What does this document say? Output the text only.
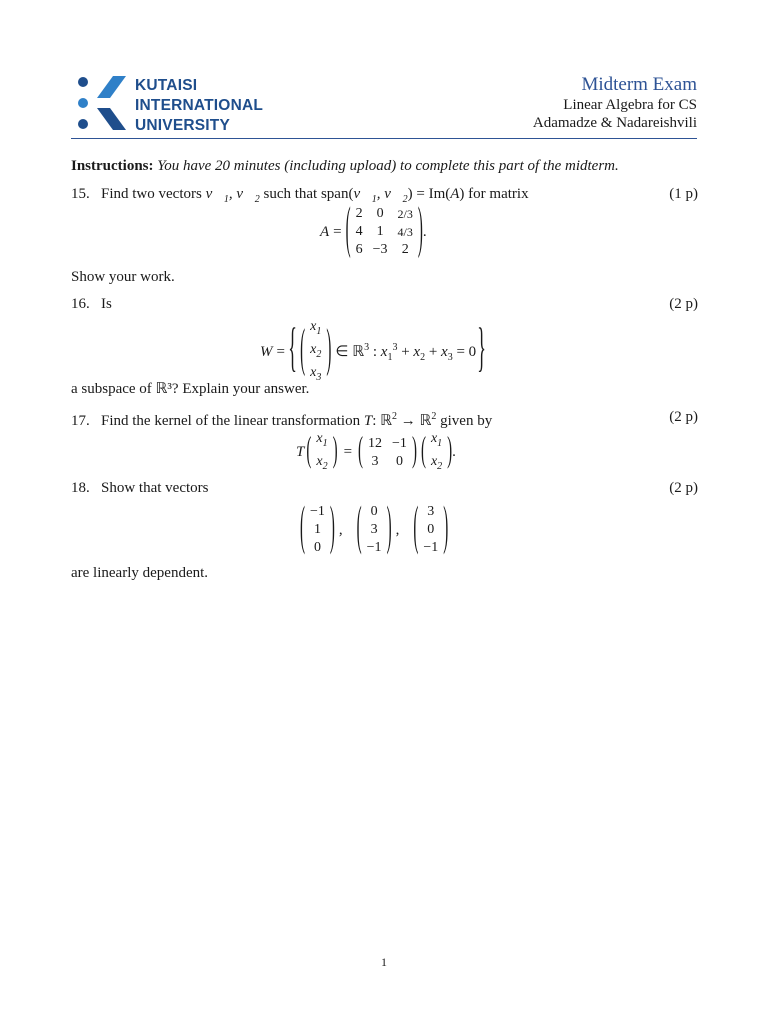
KUTAISI
INTERNATIONAL
UNIVERSITY
Midterm Exam
Linear Algebra for CS
Adamadze & Nadareishvili
Instructions: You have 20 minutes (including upload) to complete this part of the midterm.
15. Find two vectors $v⃗_1$, $v⃗_2$ such that $span(v⃗_1$, $v⃗_2) = Im(A)$ for matrix	(1 p)
A = ( 2	0	2/3
4	1	4/3
6	−3	2 ) .
Show your work.
16. Is	(2 p)
W = { ( $x_1$
$x_2$
$x_3$ ) ∈ ℝ$^3$ : $x_1^3 + x_2 + x_3 = 0$ }
a subspace of ℝ³? Explain your answer.
17. Find the kernel of the linear transformation T: ℝ$^2$ → ℝ$^2$ given by	(2 p)
T ( $x_1$
$x_2$ ) = ( 12	−1
3	0 ) ( $x_1$
$x_2$ ) .
18. Show that vectors	(2 p)
( −1
1
0 ) , ( 0
3
−1 ) , ( 3
0
−1 )
are linearly dependent.
1
